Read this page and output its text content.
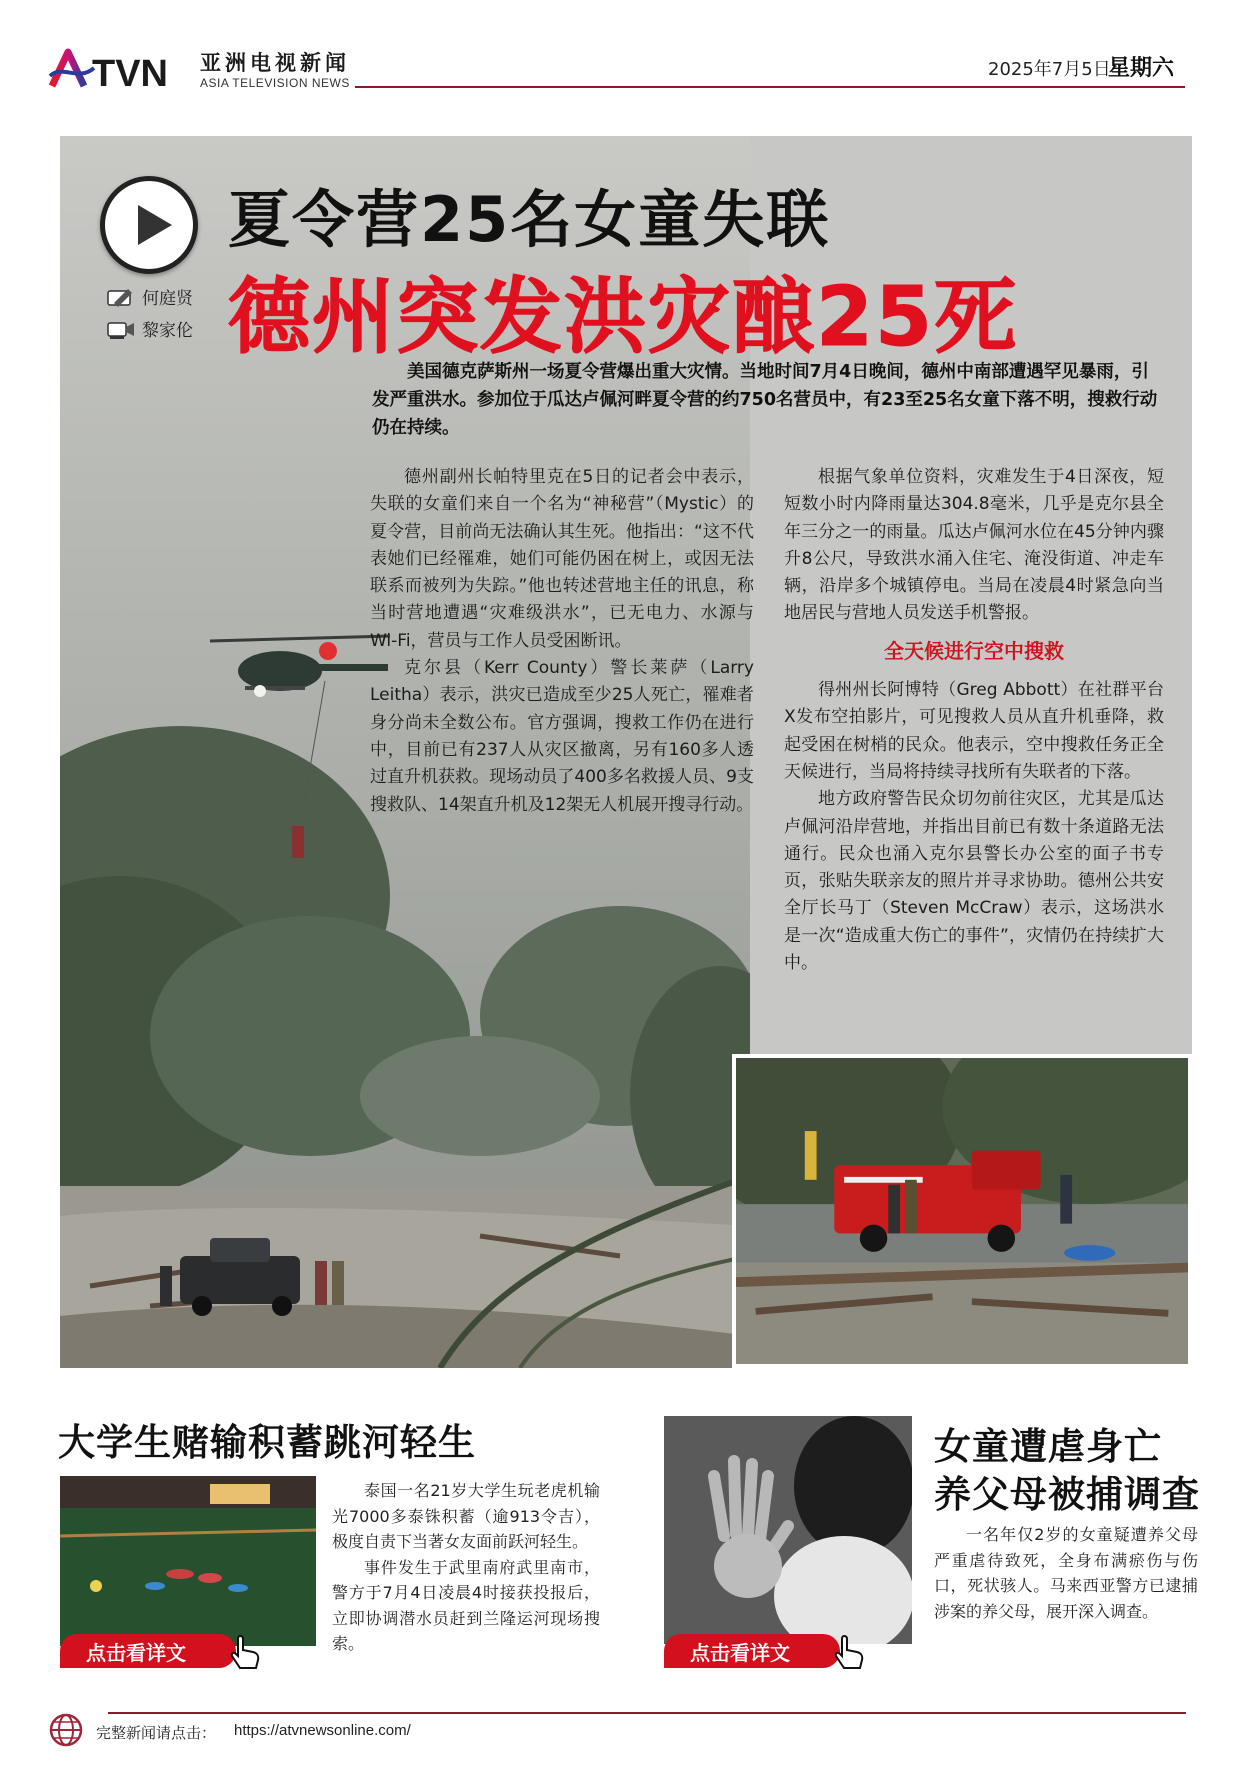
TVN 亚洲电视新闻
ASIA TELEVISION NEWS
2025年7月5日
星期六
何庭贤
黎家伦
夏令营25名女童失联
德州突发洪灾酿25死
美国德克萨斯州一场夏令营爆出重大灾情。当地时间7月4日晚间，德州中南部遭遇罕见暴雨，引发严重洪水。参加位于瓜达卢佩河畔夏令营的约750名营员中，有23至25名女童下落不明，搜救行动仍在持续。

德州副州长帕特里克在5日的记者会中表示，失联的女童们来自一个名为“神秘营”（Mystic）的夏令营，目前尚无法确认其生死。他指出：“这不代表她们已经罹难，她们可能仍困在树上，或因无法联系而被列为失踪。”他也转述营地主任的讯息，称当时营地遭遇“灾难级洪水”，已无电力、水源与Wi-Fi，营员与工作人员受困断讯。

克尔县（Kerr County）警长莱萨（Larry Leitha）表示，洪灾已造成至少25人死亡，罹难者身分尚未全数公布。官方强调，搜救工作仍在进行中，目前已有237人从灾区撤离，另有160多人透过直升机获救。现场动员了400多名救援人员、9支搜救队、14架直升机及12架无人机展开搜寻行动。

根据气象单位资料，灾难发生于4日深夜，短短数小时内降雨量达304.8毫米，几乎是克尔县全年三分之一的雨量。瓜达卢佩河水位在45分钟内骤升8公尺，导致洪水涌入住宅、淹没街道、冲走车辆，沿岸多个城镇停电。当局在凌晨4时紧急向当地居民与营地人员发送手机警报。

全天候进行空中搜救

得州州长阿博特（Greg Abbott）在社群平台X发布空拍影片，可见搜救人员从直升机垂降，救起受困在树梢的民众。他表示，空中搜救任务正全天候进行，当局将持续寻找所有失联者的下落。

地方政府警告民众切勿前往灾区，尤其是瓜达卢佩河沿岸营地，并指出目前已有数十条道路无法通行。民众也涌入克尔县警长办公室的面子书专页，张贴失联亲友的照片并寻求协助。德州公共安全厅长马丁（Steven McCraw）表示，这场洪水是一次“造成重大伤亡的事件”，灾情仍在持续扩大中。

大学生赌输积蓄跳河轻生

泰国一名21岁大学生玩老虎机输光7000多泰铢积蓄（逾913令吉），极度自责下当著女友面前跃河轻生。

事件发生于武里南府武里南市，警方于7月4日凌晨4时接获投报后，立即协调潜水员赶到兰隆运河现场搜索。

点击看详文
女童遭虐身亡
养父母被捕调查

一名年仅2岁的女童疑遭养父母严重虐待致死，全身布满瘀伤与伤口，死状骇人。马来西亚警方已逮捕涉案的养父母，展开深入调查。

点击看详文
完整新闻请点击： https://atvnewsonline.com/
